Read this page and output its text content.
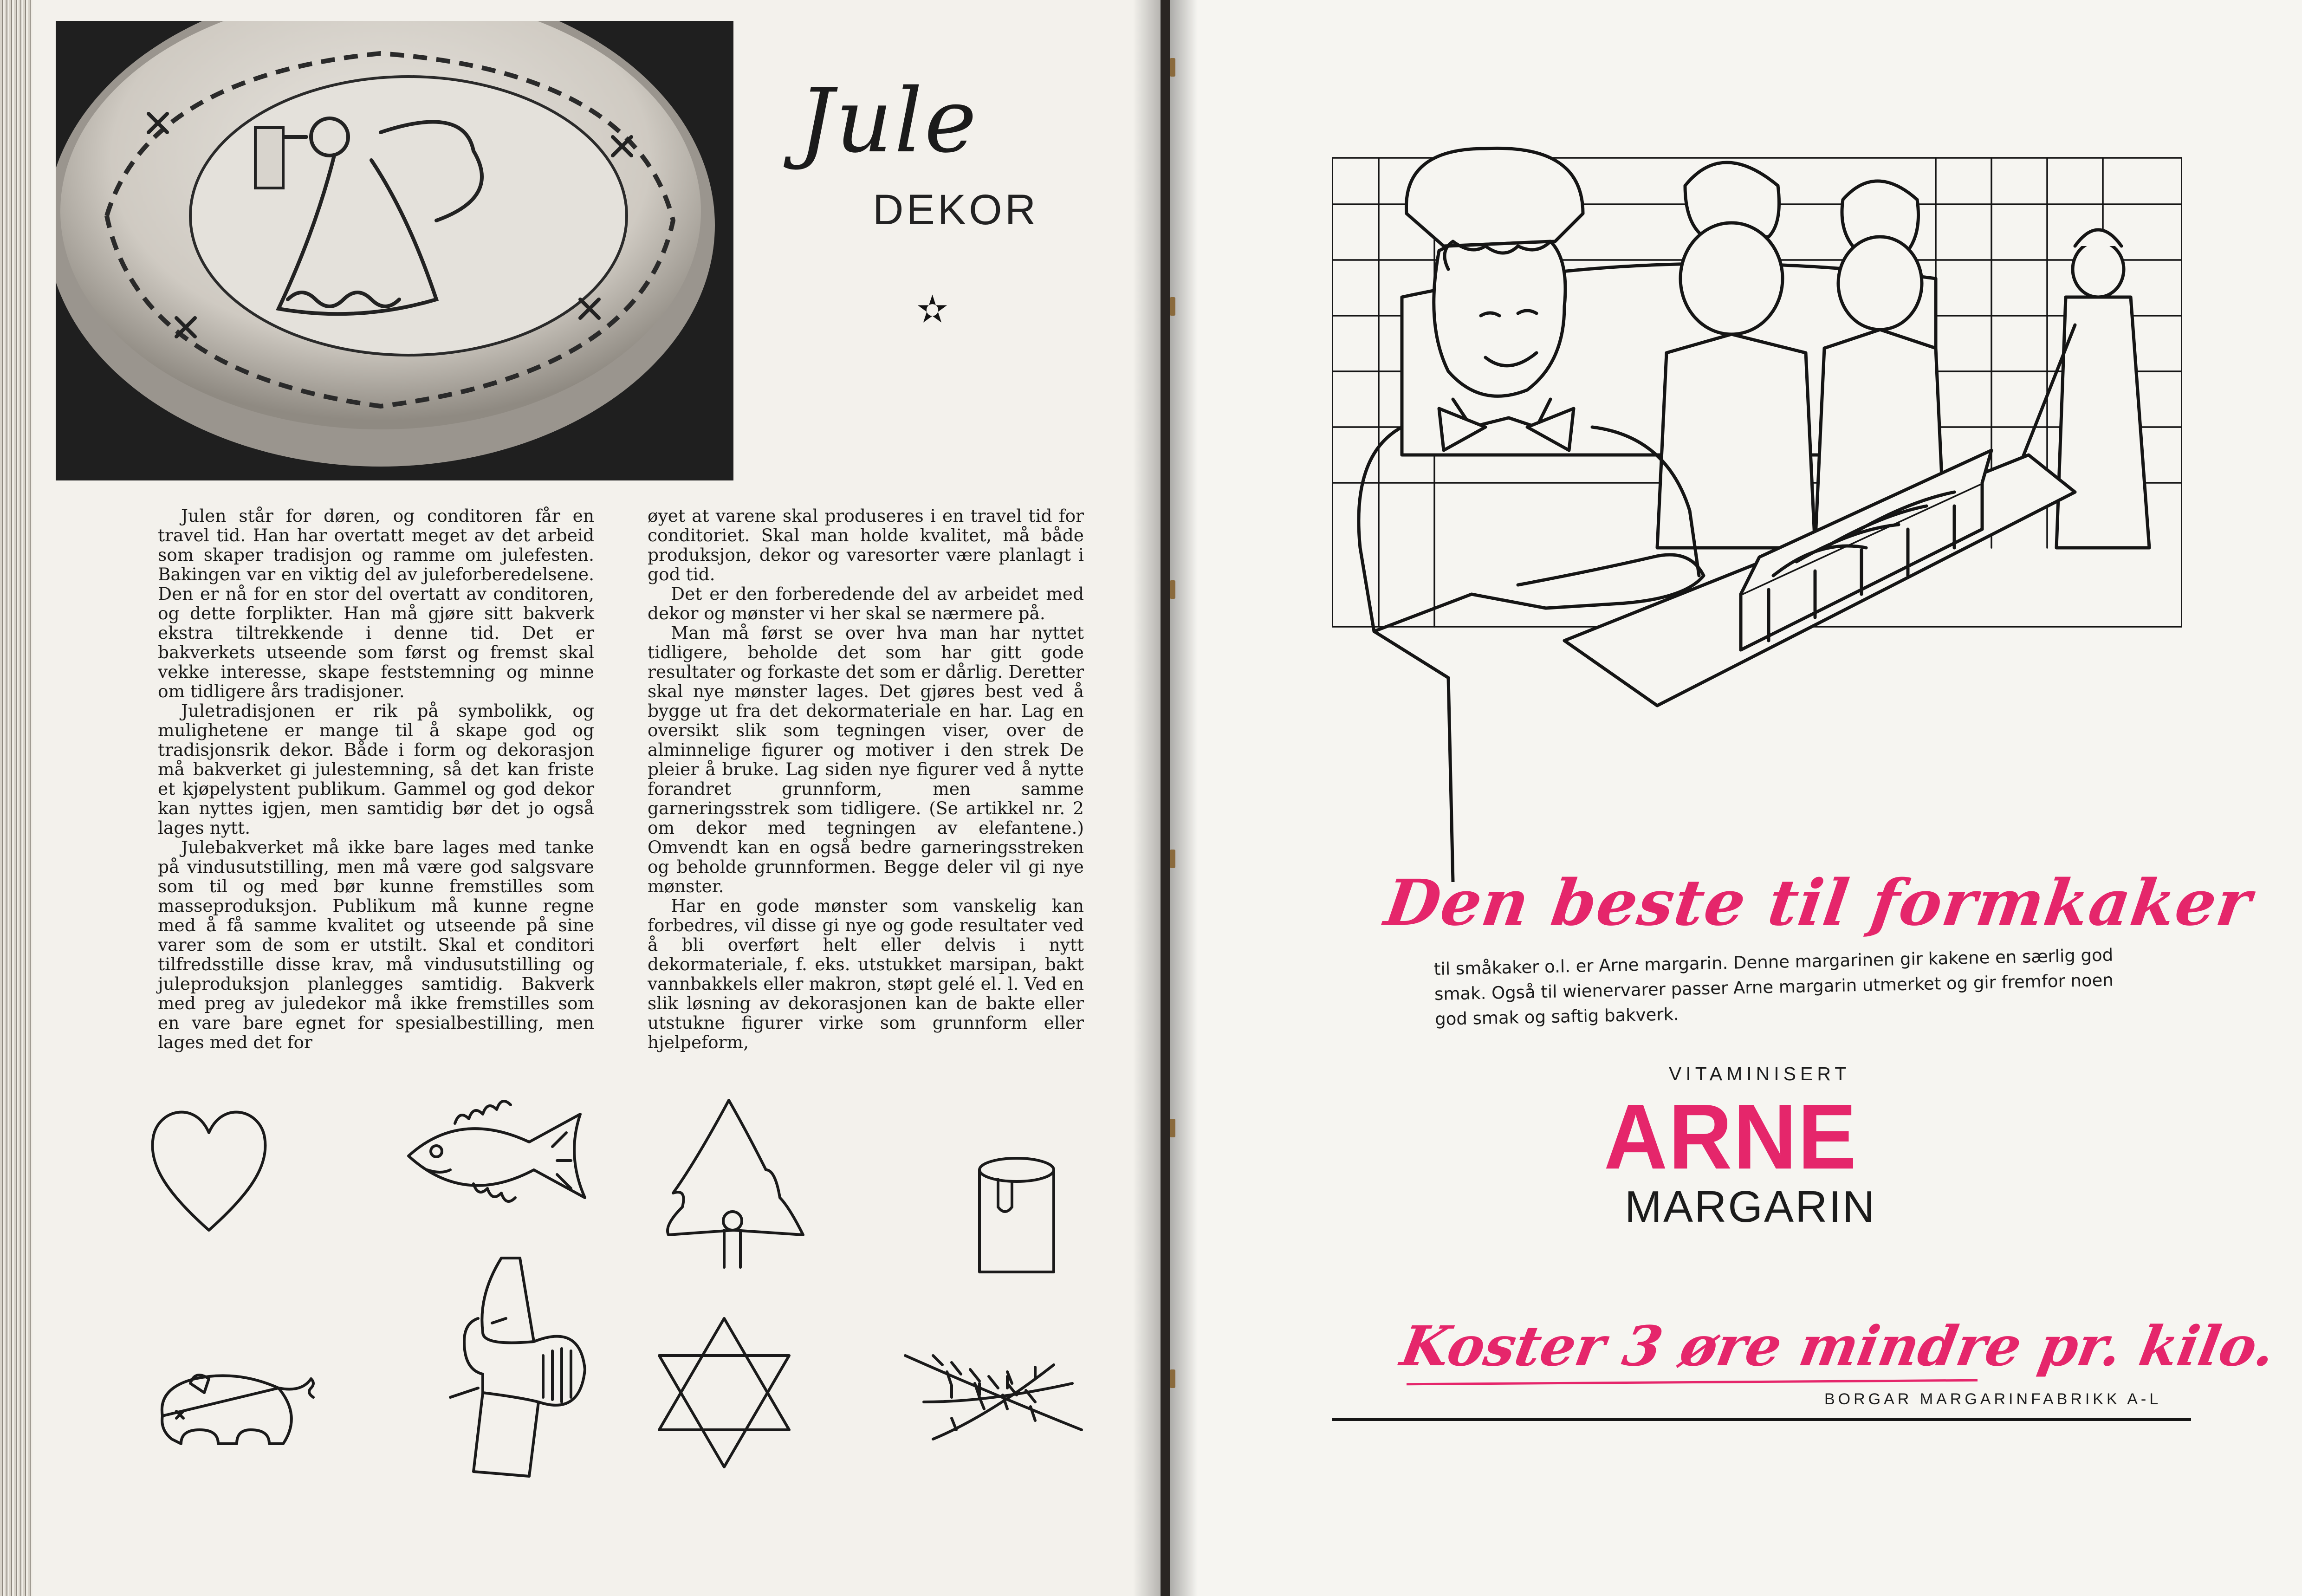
Jule
DEKOR
✫

Julen står for døren, og conditoren får en travel tid. Han har overtatt meget av det arbeid som skaper tradisjon og ramme om julefesten. Bakingen var en viktig del av juleforberedelsene. Den er nå for en stor del overtatt av conditoren, og dette forplikter. Han må gjøre sitt bakverk ekstra tiltrekkende i denne tid. Det er bakverkets utseende som først og fremst skal vekke interesse, skape feststemning og minne om tidligere års tradisjoner.

Juletradisjonen er rik på symbolikk, og mulighetene er mange til å skape god og tradisjonsrik dekor. Både i form og dekorasjon må bakverket gi julestemning, så det kan friste et kjøpelystent publikum. Gammel og god dekor kan nyttes igjen, men samtidig bør det jo også lages nytt.

Julebakverket må ikke bare lages med tanke på vindusutstilling, men må være god salgsvare som til og med bør kunne fremstilles som masseproduksjon. Publikum må kunne regne med å få samme kvalitet og utseende på sine varer som de som er utstilt. Skal et conditori tilfredsstille disse krav, må vindusutstilling og juleproduksjon planlegges samtidig. Bakverk med preg av juledekor må ikke fremstilles som en vare bare egnet for spesialbestilling, men lages med det for

øyet at varene skal produseres i en travel tid for conditoriet. Skal man holde kvalitet, må både produksjon, dekor og varesorter være planlagt i god tid.

Det er den forberedende del av arbeidet med dekor og mønster vi her skal se nærmere på.

Man må først se over hva man har nyttet tidligere, beholde det som har gitt gode resultater og forkaste det som er dårlig. Deretter skal nye mønster lages. Det gjøres best ved å bygge ut fra det dekormateriale en har. Lag en oversikt slik som tegningen viser, over de alminnelige figurer og motiver i den strek De pleier å bruke. Lag siden nye figurer ved å nytte forandret grunnform, men samme garneringsstrek som tidligere. (Se artikkel nr. 2 om dekor med tegningen av elefantene.) Omvendt kan en også bedre garneringsstreken og beholde grunnformen. Begge deler vil gi nye mønster.

Har en gode mønster som vanskelig kan forbedres, vil disse gi nye og gode resultater ved å bli overført helt eller delvis i nytt dekormateriale, f. eks. utstukket marsipan, bakt vannbakkels eller makron, støpt gelé el. l. Ved en slik løsning av dekorasjonen kan de bakte eller utstukne figurer virke som grunnform eller hjelpeform,

Den beste til formkaker
til småkaker o.l. er Arne margarin. Denne margarinen gir kakene en særlig god smak. Også til wienervarer passer Arne margarin utmerket og gir fremfor noen god smak og saftig bakverk.
VITAMINISERT
ARNE
MARGARIN
Koster 3 øre mindre pr. kilo.
BORGAR MARGARINFABRIKK A-L
